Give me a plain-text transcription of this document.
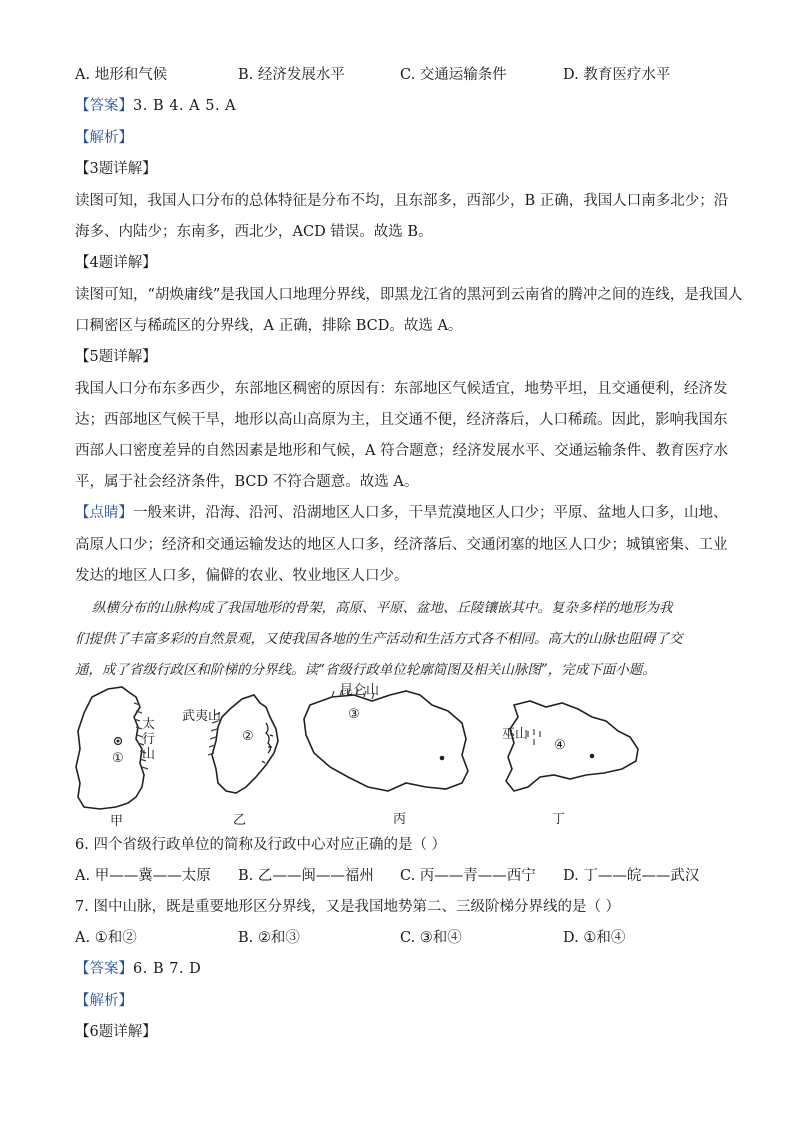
A. 地形和气候	B. 经济发展水平	C. 交通运输条件	D. 教育医疗水平
【答案】3. B 4. A 5. A
【解析】
【3题详解】
读图可知，我国人口分布的总体特征是分布不均，且东部多，西部少，B 正确，我国人口南多北少；沿
海多、内陆少；东南多，西北少，ACD 错误。故选 B。
【4题详解】
读图可知，“胡焕庸线”是我国人口地理分界线，即黑龙江省的黑河到云南省的腾冲之间的连线，是我国人
口稠密区与稀疏区的分界线，A 正确，排除 BCD。故选 A。
【5题详解】
我国人口分布东多西少，东部地区稠密的原因有：东部地区气候适宜，地势平坦，且交通便利，经济发
达；西部地区气候干旱，地形以高山高原为主，且交通不便，经济落后，人口稀疏。因此，影响我国东
西部人口密度差异的自然因素是地形和气候，A 符合题意；经济发展水平、交通运输条件、教育医疗水
平，属于社会经济条件，BCD 不符合题意。故选 A。
【点睛】一般来讲，沿海、沿河、沿湖地区人口多，干旱荒漠地区人口少；平原、盆地人口多，山地、
高原人口少；经济和交通运输发达的地区人口多，经济落后、交通闭塞的地区人口少；城镇密集、工业
发达的地区人口多，偏僻的农业、牧业地区人口少。
纵横分布的山脉构成了我国地形的骨架，高原、平原、盆地、丘陵镶嵌其中。复杂多样的地形为我
们提供了丰富多彩的自然景观，又使我国各地的生产活动和生活方式各不相同。高大的山脉也阻碍了交
通，成了省级行政区和阶梯的分界线。读“省级行政单位轮廓简图及相关山脉图”，完成下面小题。
太行山
①
甲
武夷山
②
乙
昆仑山
③
丙
巫山
④
丁
6. 四个省级行政单位的简称及行政中心对应正确的是（ ）
A. 甲——冀——太原 B. 乙——闽——福州 C. 丙——青——西宁 D. 丁——皖——武汉
7. 图中山脉，既是重要地形区分界线，又是我国地势第二、三级阶梯分界线的是（ ）
A. ①和②	B. ②和③	C. ③和④	D. ①和④
【答案】6. B 7. D
【解析】
【6题详解】
